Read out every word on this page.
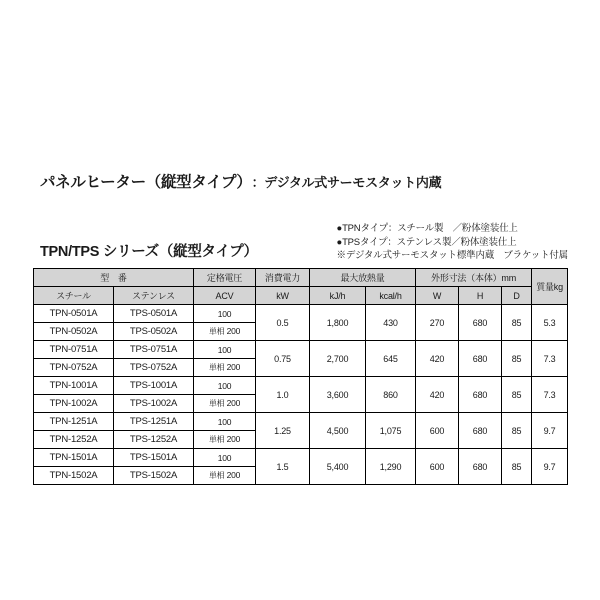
パネルヒーター（縦型タイプ） ：デジタル式サーモスタット内蔵
●TPNタイプ：スチール製　／粉体塗装仕上
●TPSタイプ：ステンレス製／粉体塗装仕上
※デジタル式サーモスタット標準内蔵　ブラケット付属
TPN/TPS シリーズ（縦型タイプ）
型　番		定格電圧	消費電力	最大放熱量		外形寸法（本体）mm			質量kg
スチール	ステンレス	ACV	kW	kJ/h	kcal/h	W	H	D	
TPN-0501A	TPS-0501A	100	0.5	1,800	430	270	680	85	5.3
TPN-0502A	TPS-0502A	単相 200							
TPN-0751A	TPS-0751A	100	0.75	2,700	645	420	680	85	7.3
TPN-0752A	TPS-0752A	単相 200							
TPN-1001A	TPS-1001A	100	1.0	3,600	860	420	680	85	7.3
TPN-1002A	TPS-1002A	単相 200							
TPN-1251A	TPS-1251A	100	1.25	4,500	1,075	600	680	85	9.7
TPN-1252A	TPS-1252A	単相 200							
TPN-1501A	TPS-1501A	100	1.5	5,400	1,290	600	680	85	9.7
TPN-1502A	TPS-1502A	単相 200							
